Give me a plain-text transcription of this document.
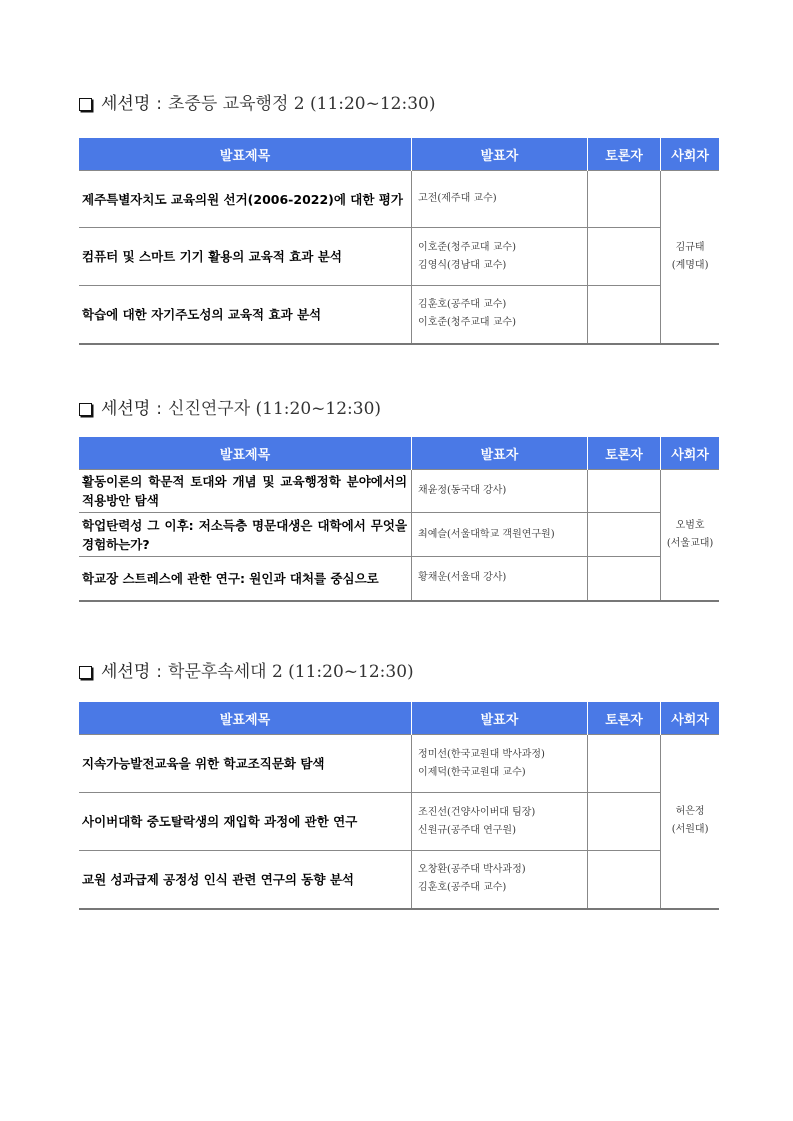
세션명 : 초중등 교육행정 2 (11:20~12:30)
발표제목	발표자	토론자	사회자
제주특별자치도 교육의원 선거(2006-2022)에 대한 평가	고전(제주대 교수)		김규태
(계명대)

컴퓨터 및 스마트 기기 활용의 교육적 효과 분석	이호준(청주교대 교수)
김영식(경남대 교수)		

학습에 대한 자기주도성의 교육적 효과 분석	김훈호(공주대 교수)
이호준(청주교대 교수)		

세션명 : 신진연구자 (11:20~12:30)
발표제목	발표자	토론자	사회자
활동이론의 학문적 토대와 개념 및 교육행정학 분야에서의 적용방안 탐색	채윤정(동국대 강사)		오범호
(서울교대)

학업탄력성 그 이후: 저소득층 명문대생은 대학에서 무엇을 경험하는가?	최예슬(서울대학교 객원연구원)		

학교장 스트레스에 관한 연구: 원인과 대처를 중심으로	황채운(서울대 강사)		

세션명 : 학문후속세대 2 (11:20~12:30)
발표제목	발표자	토론자	사회자
지속가능발전교육을 위한 학교조직문화 탐색	정미선(한국교원대 박사과정)
이제덕(한국교원대 교수)		허은정
(서원대)

사이버대학 중도탈락생의 재입학 과정에 관한 연구	조진선(건양사이버대 팀장)
신원규(공주대 연구원)		

교원 성과급제 공정성 인식 관련 연구의 동향 분석	오창환(공주대 박사과정)
김훈호(공주대 교수)		
